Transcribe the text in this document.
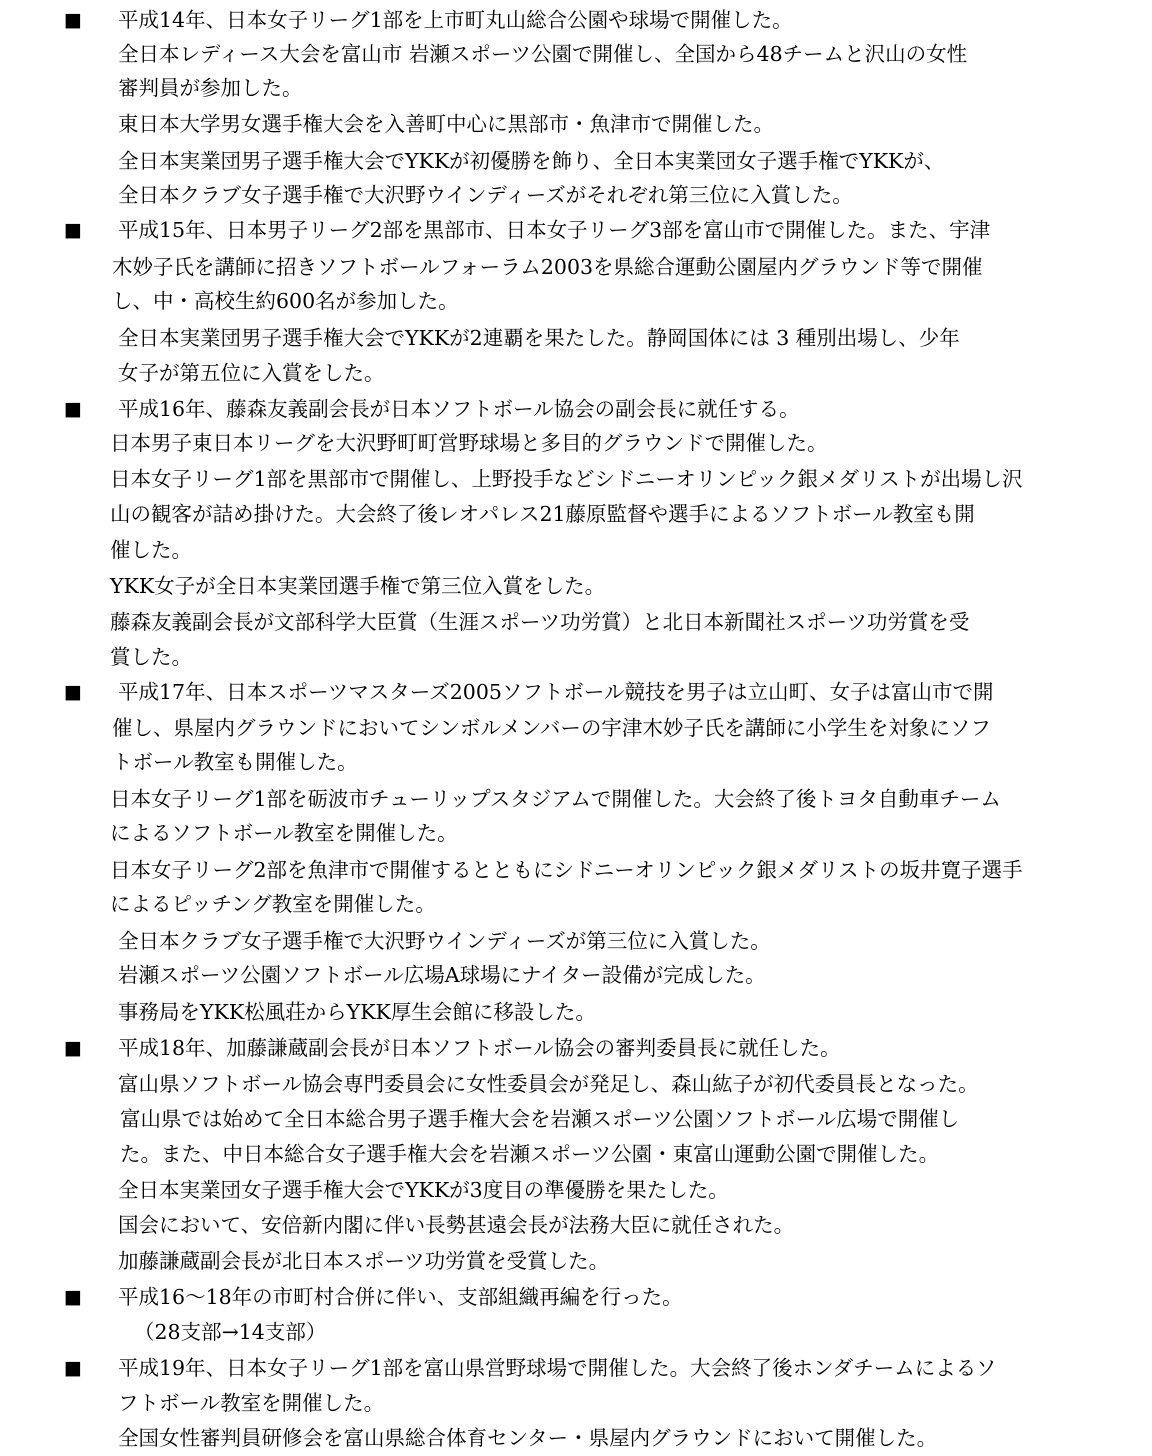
■ 平成14年、日本女子リーグ1部を上市町丸山総合公園や球場で開催した。
全日本レディース大会を富山市 岩瀬スポーツ公園で開催し、全国から48チームと沢山の女性
審判員が参加した。
東日本大学男女選手権大会を入善町中心に黒部市・魚津市で開催した。
全日本実業団男子選手権大会でYKKが初優勝を飾り、全日本実業団女子選手権でYKKが、
全日本クラブ女子選手権で大沢野ウインディーズがそれぞれ第三位に入賞した。
■ 平成15年、日本男子リーグ2部を黒部市、日本女子リーグ3部を富山市で開催した。また、宇津
木妙子氏を講師に招きソフトボールフォーラム2003を県総合運動公園屋内グラウンド等で開催
し、中・高校生約600名が参加した。
全日本実業団男子選手権大会でYKKが2連覇を果たした。静岡国体には 3 種別出場し、少年
女子が第五位に入賞をした。
■ 平成16年、藤森友義副会長が日本ソフトボール協会の副会長に就任する。
日本男子東日本リーグを大沢野町町営野球場と多目的グラウンドで開催した。
日本女子リーグ1部を黒部市で開催し、上野投手などシドニーオリンピック銀メダリストが出場し沢
山の観客が詰め掛けた。大会終了後レオパレス21藤原監督や選手によるソフトボール教室も開
催した。
YKK女子が全日本実業団選手権で第三位入賞をした。
藤森友義副会長が文部科学大臣賞（生涯スポーツ功労賞）と北日本新聞社スポーツ功労賞を受
賞した。
■ 平成17年、日本スポーツマスターズ2005ソフトボール競技を男子は立山町、女子は富山市で開
催し、県屋内グラウンドにおいてシンボルメンバーの宇津木妙子氏を講師に小学生を対象にソフ
トボール教室も開催した。
日本女子リーグ1部を砺波市チューリップスタジアムで開催した。大会終了後トヨタ自動車チーム
によるソフトボール教室を開催した。
日本女子リーグ2部を魚津市で開催するとともにシドニーオリンピック銀メダリストの坂井寛子選手
によるピッチング教室を開催した。
全日本クラブ女子選手権で大沢野ウインディーズが第三位に入賞した。
岩瀬スポーツ公園ソフトボール広場A球場にナイター設備が完成した。
事務局をYKK松風荘からYKK厚生会館に移設した。
■ 平成18年、加藤謙蔵副会長が日本ソフトボール協会の審判委員長に就任した。
富山県ソフトボール協会専門委員会に女性委員会が発足し、森山紘子が初代委員長となった。
富山県では始めて全日本総合男子選手権大会を岩瀬スポーツ公園ソフトボール広場で開催し
た。また、中日本総合女子選手権大会を岩瀬スポーツ公園・東富山運動公園で開催した。
全日本実業団女子選手権大会でYKKが3度目の準優勝を果たした。
国会において、安倍新内閣に伴い長勢甚遠会長が法務大臣に就任された。
加藤謙蔵副会長が北日本スポーツ功労賞を受賞した。
■ 平成16～18年の市町村合併に伴い、支部組織再編を行った。
（28支部→14支部）
■ 平成19年、日本女子リーグ1部を富山県営野球場で開催した。大会終了後ホンダチームによるソ
フトボール教室を開催した。
全国女性審判員研修会を富山県総合体育センター・県屋内グラウンドにおいて開催した。
